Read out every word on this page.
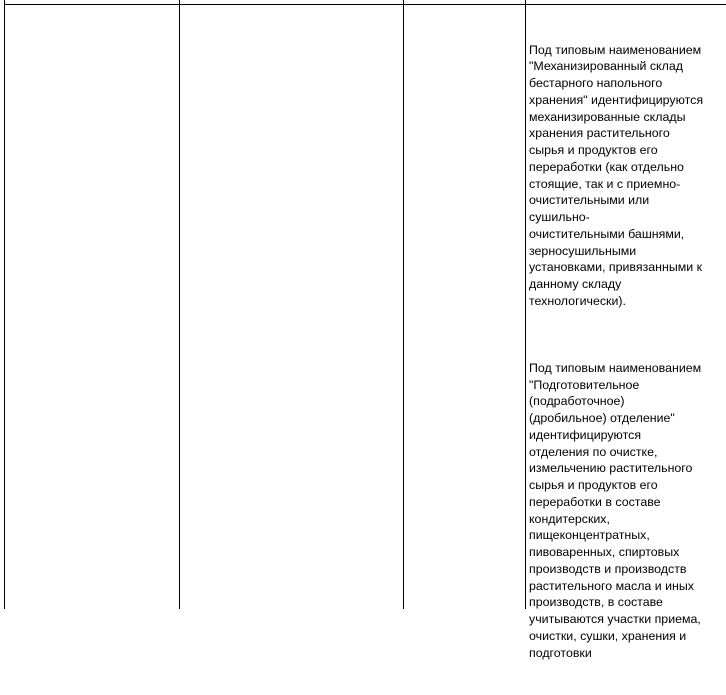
Под типовым наименованием
"Механизированный склад
бестарного напольного
хранения" идентифицируются
механизированные склады
хранения растительного
сырья и продуктов его
переработки (как отдельно
стоящие, так и с приемно-
очистительными или
сушильно-
очистительными башнями,
зерносушильными
установками, привязанными к
данному складу
технологически).

Под типовым наименованием
"Подготовительное
(подработочное)
(дробильное) отделение"
идентифицируются
отделения по очистке,
измельчению растительного
сырья и продуктов его
переработки в составе
кондитерских,
пищеконцентратных,
пивоваренных, спиртовых
производств и производств
растительного масла и иных
производств, в составе
учитываются участки приема,
очистки, сушки, хранения и
подготовки
